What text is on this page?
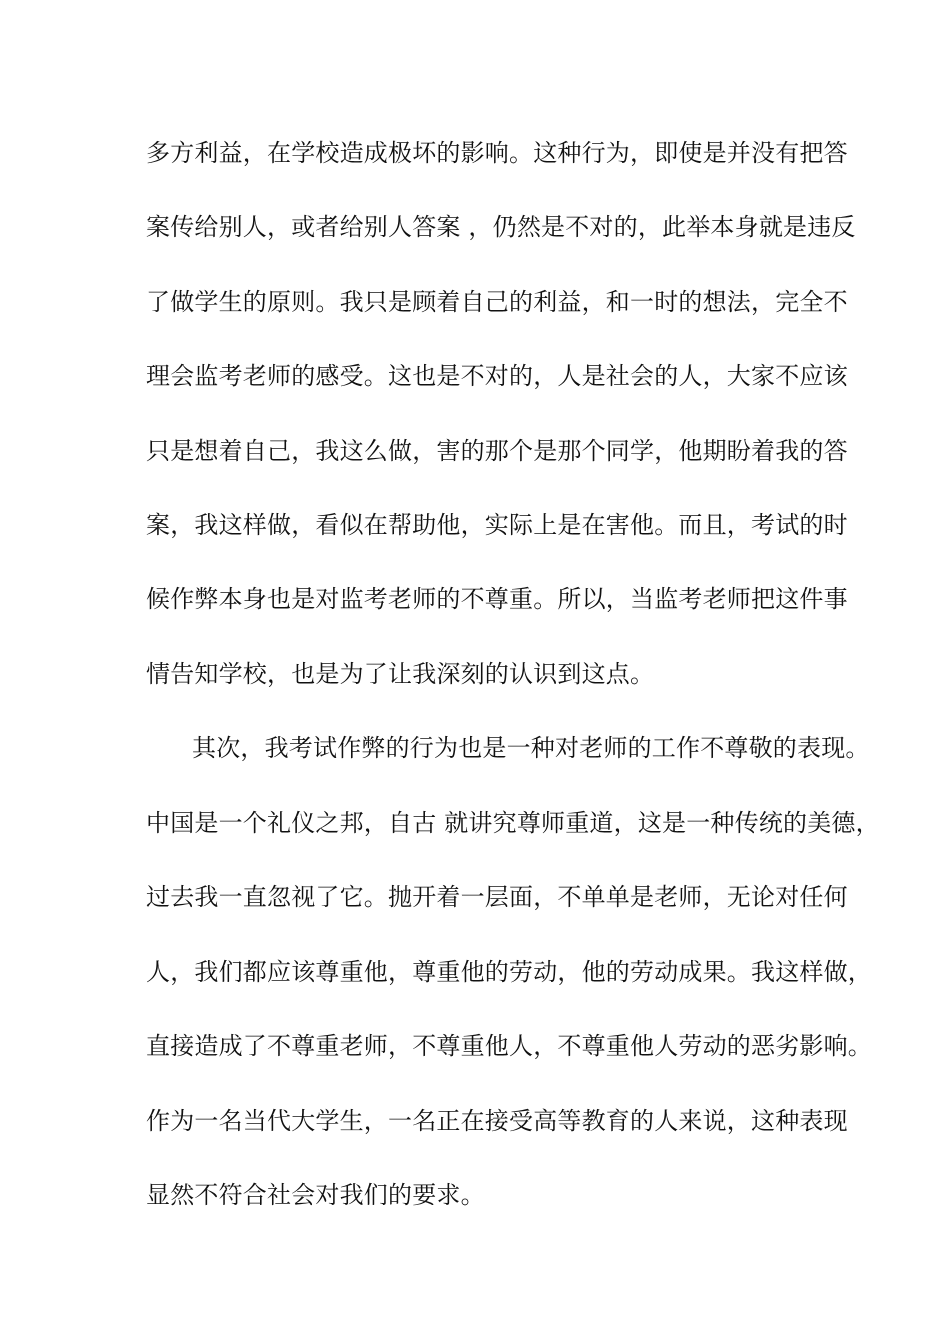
多方利益，在学校造成极坏的影响。这种行为，即使是并没有把答
案传给别人，或者给别人答案 ，仍然是不对的，此举本身就是违反
了做学生的原则。我只是顾着自己的利益，和一时的想法，完全不
理会监考老师的感受。这也是不对的，人是社会的人，大家不应该
只是想着自己，我这么做，害的那个是那个同学，他期盼着我的答
案，我这样做，看似在帮助他，实际上是在害他。而且，考试的时
候作弊本身也是对监考老师的不尊重。所以，当监考老师把这件事
情告知学校，也是为了让我深刻的认识到这点。
其次，我考试作弊的行为也是一种对老师的工作不尊敬的表现。
中国是一个礼仪之邦，自古 就讲究尊师重道，这是一种传统的美德，
过去我一直忽视了它。抛开着一层面，不单单是老师，无论对任何
人，我们都应该尊重他，尊重他的劳动，他的劳动成果。我这样做，
直接造成了不尊重老师，不尊重他人，不尊重他人劳动的恶劣影响。
作为一名当代大学生，一名正在接受高等教育的人来说，这种表现
显然不符合社会对我们的要求。
